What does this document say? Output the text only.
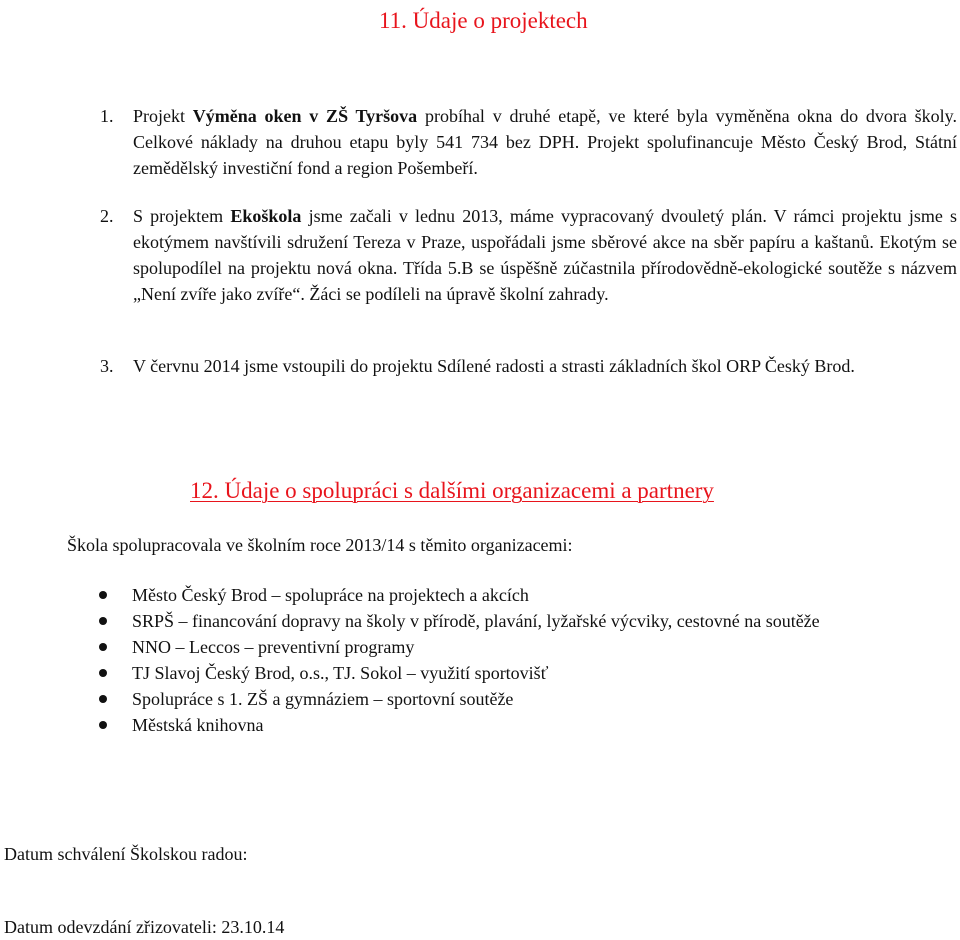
11. Údaje o projektech
1. Projekt Výměna oken v ZŠ Tyršova probíhal v druhé etapě, ve které byla vyměněna okna do dvora školy. Celkové náklady na druhou etapu byly 541 734 bez DPH. Projekt spolufinancuje Město Český Brod, Státní zemědělský investiční fond a region Pošembeří.
2. S projektem Ekoškola jsme začali v lednu 2013, máme vypracovaný dvouletý plán. V rámci projektu jsme s ekotýmem navštívili sdružení Tereza v Praze, uspořádali jsme sběrové akce na sběr papíru a kaštanů. Ekotým se spolupodílel na projektu nová okna. Třída 5.B se úspěšně zúčastnila přírodovědně-ekologické soutěže s názvem „Není zvíře jako zvíře“. Žáci se podíleli na úpravě školní zahrady.
3. V červnu 2014 jsme vstoupili do projektu Sdílené radosti a strasti základních škol ORP Český Brod.
12. Údaje o spolupráci s dalšími organizacemi a partnery
Škola spolupracovala ve školním roce 2013/14 s těmito organizacemi:
Město Český Brod – spolupráce na projektech a akcích
SRPŠ – financování dopravy na školy v přírodě, plavání, lyžařské výcviky, cestovné na soutěže
NNO – Leccos – preventivní programy
TJ Slavoj Český Brod, o.s., TJ. Sokol – využití sportovišť
Spolupráce s 1. ZŠ a gymnáziem – sportovní soutěže
Městská knihovna
Datum schválení Školskou radou:
Datum odevzdání zřizovateli: 23.10.14
